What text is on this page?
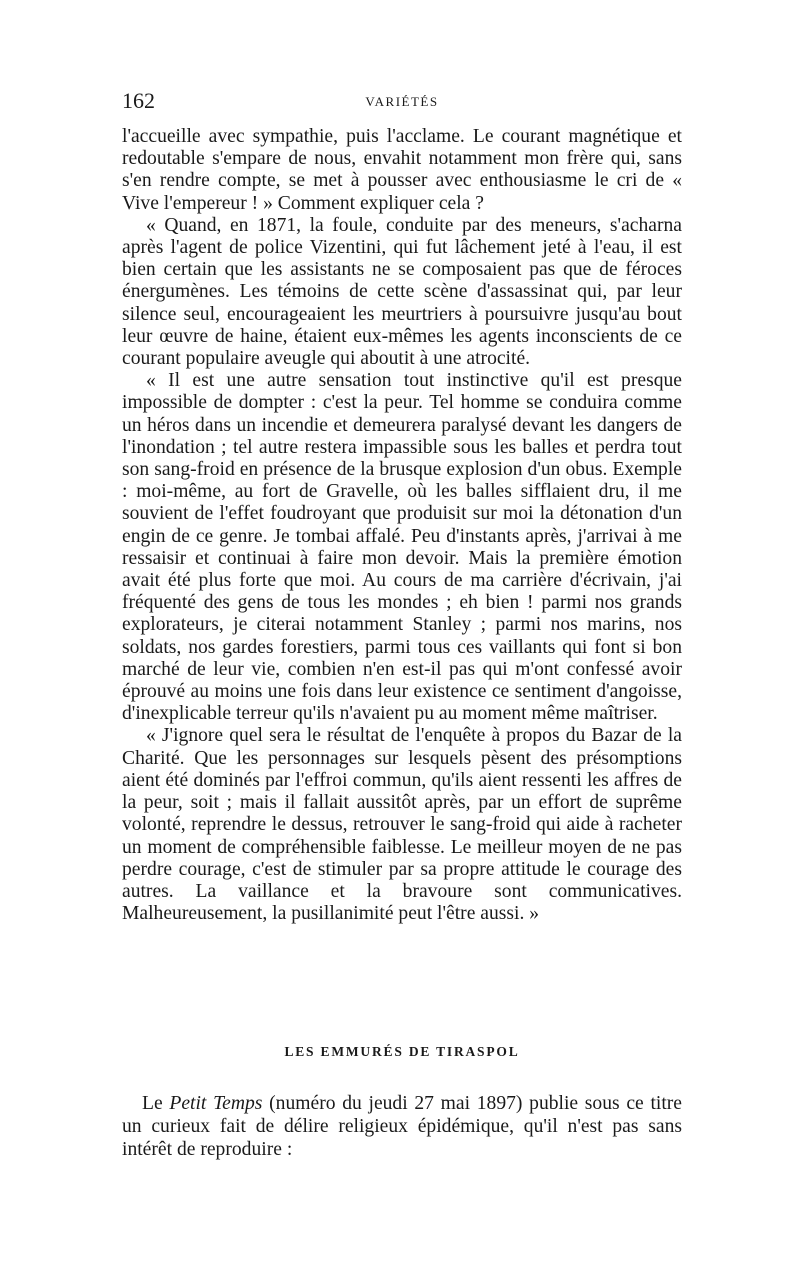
162	VARIÉTÉS

l'accueille avec sympathie, puis l'acclame. Le courant magnétique et redoutable s'empare de nous, envahit notamment mon frère qui, sans s'en rendre compte, se met à pousser avec enthousiasme le cri de « Vive l'empereur ! » Comment expliquer cela ?

« Quand, en 1871, la foule, conduite par des meneurs, s'acharna après l'agent de police Vizentini, qui fut lâchement jeté à l'eau, il est bien certain que les assistants ne se composaient pas que de féroces énergumènes. Les témoins de cette scène d'assassinat qui, par leur silence seul, encourageaient les meurtriers à poursuivre jusqu'au bout leur œuvre de haine, étaient eux-mêmes les agents inconscients de ce courant populaire aveugle qui aboutit à une atrocité.

« Il est une autre sensation tout instinctive qu'il est presque impossible de dompter : c'est la peur. Tel homme se conduira comme un héros dans un incendie et demeurera paralysé devant les dangers de l'inondation ; tel autre restera impassible sous les balles et perdra tout son sang-froid en présence de la brusque explosion d'un obus. Exemple : moi-même, au fort de Gravelle, où les balles sifflaient dru, il me souvient de l'effet foudroyant que produisit sur moi la détonation d'un engin de ce genre. Je tombai affalé. Peu d'instants après, j'arrivai à me ressaisir et continuai à faire mon devoir. Mais la première émotion avait été plus forte que moi. Au cours de ma carrière d'écrivain, j'ai fréquenté des gens de tous les mondes ; eh bien ! parmi nos grands explorateurs, je citerai notamment Stanley ; parmi nos marins, nos soldats, nos gardes forestiers, parmi tous ces vaillants qui font si bon marché de leur vie, combien n'en est-il pas qui m'ont confessé avoir éprouvé au moins une fois dans leur existence ce sentiment d'angoisse, d'inexplicable terreur qu'ils n'avaient pu au moment même maîtriser.

« J'ignore quel sera le résultat de l'enquête à propos du Bazar de la Charité. Que les personnages sur lesquels pèsent des présomptions aient été dominés par l'effroi commun, qu'ils aient ressenti les affres de la peur, soit ; mais il fallait aussitôt après, par un effort de suprême volonté, reprendre le dessus, retrouver le sang-froid qui aide à racheter un moment de compréhensible faiblesse. Le meilleur moyen de ne pas perdre courage, c'est de stimuler par sa propre attitude le courage des autres. La vaillance et la bravoure sont communicatives. Malheureusement, la pusillanimité peut l'être aussi. »

LES EMMURÉS DE TIRASPOL

Le Petit Temps (numéro du jeudi 27 mai 1897) publie sous ce titre un curieux fait de délire religieux épidémique, qu'il n'est pas sans intérêt de reproduire :
